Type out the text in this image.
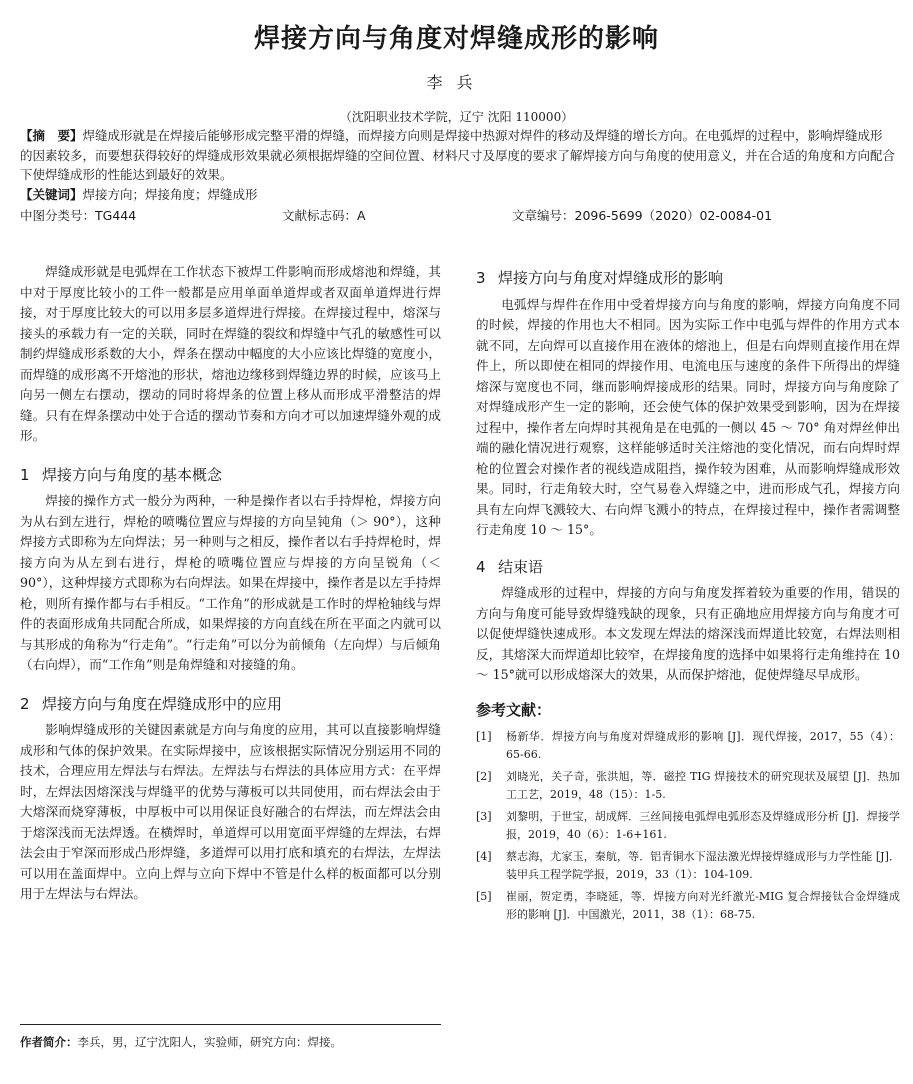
焊接方向与角度对焊缝成形的影响
李兵
（沈阳职业技术学院，辽宁 沈阳 110000）
【摘　要】焊缝成形就是在焊接后能够形成完整平滑的焊缝，而焊接方向则是焊接中热源对焊件的移动及焊缝的增长方向。在电弧焊的过程中，影响焊缝成形的因素较多，而要想获得较好的焊缝成形效果就必须根据焊缝的空间位置、材料尺寸及厚度的要求了解焊接方向与角度的使用意义，并在合适的角度和方向配合下使焊缝成形的性能达到最好的效果。
【关键词】焊接方向；焊接角度；焊缝成形
中图分类号：TG444	文献标志码：A	文章编号：2096-5699（2020）02-0084-01

焊缝成形就是电弧焊在工作状态下被焊工件影响而形成熔池和焊缝，其中对于厚度比较小的工件一般都是应用单面单道焊或者双面单道焊进行焊接，对于厚度比较大的可以用多层多道焊进行焊接。在焊接过程中，熔深与接头的承载力有一定的关联，同时在焊缝的裂纹和焊缝中气孔的敏感性可以制约焊缝成形系数的大小，焊条在摆动中幅度的大小应该比焊缝的宽度小，而焊缝的成形离不开熔池的形状，熔池边缘移到焊缝边界的时候，应该马上向另一侧左右摆动，摆动的同时将焊条的位置上移从而形成平滑整洁的焊缝。只有在焊条摆动中处于合适的摆动节奏和方向才可以加速焊缝外观的成形。

1 焊接方向与角度的基本概念

焊接的操作方式一般分为两种，一种是操作者以右手持焊枪，焊接方向为从右到左进行，焊枪的喷嘴位置应与焊接的方向呈钝角（＞ 90°），这种焊接方式即称为左向焊法；另一种则与之相反，操作者以右手持焊枪时，焊接方向为从左到右进行，焊枪的喷嘴位置应与焊接的方向呈锐角（＜ 90°），这种焊接方式即称为右向焊法。如果在焊接中，操作者是以左手持焊枪，则所有操作都与右手相反。“工作角”的形成就是工作时的焊枪轴线与焊件的表面形成角共同配合所成，如果焊接的方向直线在所在平面之内就可以与其形成的角称为“行走角”。“行走角”可以分为前倾角（左向焊）与后倾角（右向焊），而“工作角”则是角焊缝和对接缝的角。

2 焊接方向与角度在焊缝成形中的应用

影响焊缝成形的关键因素就是方向与角度的应用，其可以直接影响焊缝成形和气体的保护效果。在实际焊接中，应该根据实际情况分别运用不同的技术，合理应用左焊法与右焊法。左焊法与右焊法的具体应用方式：在平焊时，左焊法因熔深浅与焊缝平的优势与薄板可以共同使用，而右焊法会由于大熔深而烧穿薄板，中厚板中可以用保证良好融合的右焊法，而左焊法会由于熔深浅而无法焊透。在横焊时，单道焊可以用宽面平焊缝的左焊法，右焊法会由于窄深而形成凸形焊缝，多道焊可以用打底和填充的右焊法，左焊法可以用在盖面焊中。立向上焊与立向下焊中不管是什么样的板面都可以分别用于左焊法与右焊法。

3 焊接方向与角度对焊缝成形的影响

电弧焊与焊件在作用中受着焊接方向与角度的影响，焊接方向角度不同的时候，焊接的作用也大不相同。因为实际工作中电弧与焊件的作用方式本就不同，左向焊可以直接作用在液体的熔池上，但是右向焊则直接作用在焊件上，所以即使在相同的焊接作用、电流电压与速度的条件下所得出的焊缝熔深与宽度也不同，继而影响焊接成形的结果。同时，焊接方向与角度除了对焊缝成形产生一定的影响，还会使气体的保护效果受到影响，因为在焊接过程中，操作者左向焊时其视角是在电弧的一侧以 45 ～ 70° 角对焊丝伸出端的融化情况进行观察，这样能够适时关注熔池的变化情况，而右向焊时焊枪的位置会对操作者的视线造成阻挡，操作较为困难，从而影响焊缝成形效果。同时，行走角较大时，空气易卷入焊缝之中，进而形成气孔，焊接方向具有左向焊飞溅较大、右向焊飞溅小的特点，在焊接过程中，操作者需调整行走角度 10 ～ 15°。

4 结束语

焊缝成形的过程中，焊接的方向与角度发挥着较为重要的作用，错误的方向与角度可能导致焊缝残缺的现象，只有正确地应用焊接方向与角度才可以促使焊缝快速成形。本文发现左焊法的熔深浅而焊道比较宽，右焊法则相反，其熔深大而焊道却比较窄，在焊接角度的选择中如果将行走角维持在 10 ～ 15°就可以形成熔深大的效果，从而保护熔池，促使焊缝尽早成形。

参考文献：
[1]	杨新华．焊接方向与角度对焊缝成形的影响 [J]．现代焊接，2017，55（4）：65-66.
[2]	刘晓光，关子奇，张洪旭，等．磁控 TIG 焊接技术的研究现状及展望 [J]．热加工工艺，2019，48（15）：1-5.
[3]	刘黎明，于世宝，胡成辉．三丝间接电弧焊电弧形态及焊缝成形分析 [J]．焊接学报，2019，40（6）：1-6+161.
[4]	蔡志海，尤家玉，秦航，等．铝青铜水下湿法激光焊接焊缝成形与力学性能 [J]．装甲兵工程学院学报，2019，33（1）：104-109.
[5]	崔丽，贺定勇，李晓延，等．焊接方向对光纤激光-MIG 复合焊接钛合金焊缝成形的影响 [J]．中国激光，2011，38（1）：68-75.
作者简介：李兵，男，辽宁沈阳人，实验师，研究方向：焊接。
